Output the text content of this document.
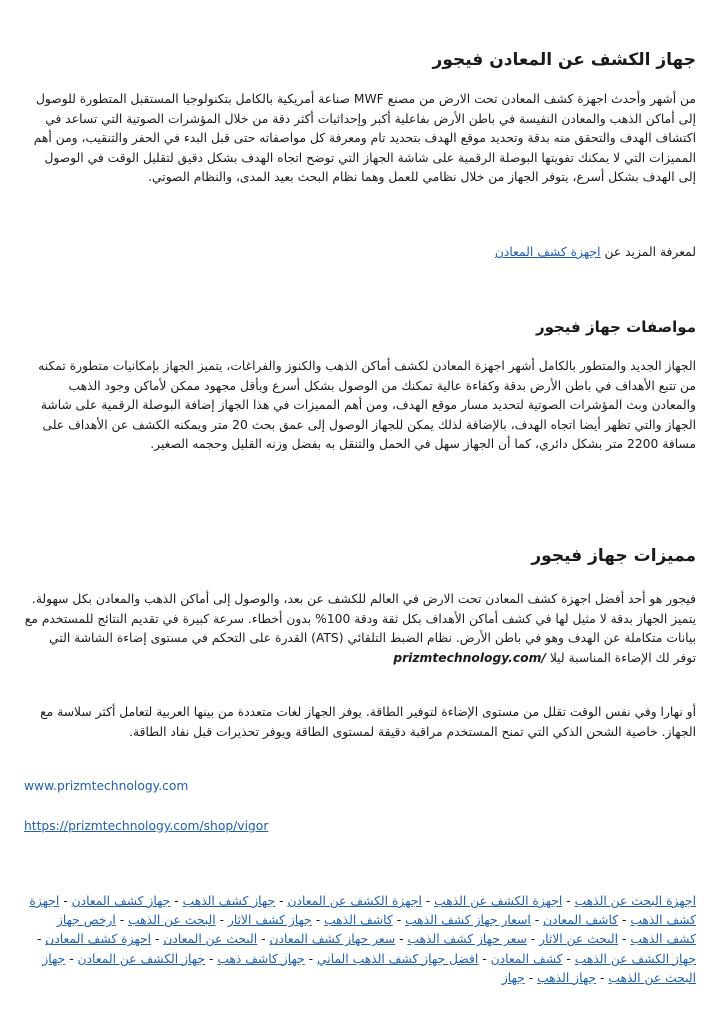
جهاز الكشف عن المعادن فيجور

من أشهر وأحدث اجهزة كشف المعادن تحت الارض من مصنع MWF صناعة أمريكية بالكامل بتكنولوجيا المستقبل المتطورة للوصول إلى أماكن الذهب والمعادن النفيسة في باطن الأرض بفاعلية أكبر وإحداثيات أكثر دقة من خلال المؤشرات الصوتية التي تساعد في اكتشاف الهدف والتحقق منه بدقة وتحديد موقع الهدف بتحديد تام ومعرفة كل مواصفاته حتى قبل البدء في الحفر والتنقيب، ومن أهم المميزات التي لا يمكنك تفويتها البوصلة الرقمية على شاشة الجهاز التي توضح اتجاه الهدف بشكل دقيق لتقليل الوقت في الوصول إلى الهدف بشكل أسرع، يتوفر الجهاز من خلال نظامي للعمل وهما نظام البحث بعيد المدى، والنظام الصوتي.

لمعرفة المزيد عن اجهزة كشف المعادن

مواصفات جهاز فيجور

الجهاز الجديد والمتطور بالكامل أشهر اجهزة المعادن لكشف أماكن الذهب والكنوز والفراغات، يتميز الجهاز بإمكانيات متطورة تمكنه من تتبع الأهداف في باطن الأرض بدقة وكفاءة عالية تمكنك من الوصول بشكل أسرع وبأقل مجهود ممكن لأماكن وجود الذهب والمعادن وبث المؤشرات الصوتية لتحديد مسار موقع الهدف، ومن أهم المميزات في هذا الجهاز إضافة البوصلة الرقمية على شاشة الجهاز والتي تظهر أيضا اتجاه الهدف، بالإضافة لذلك يمكن للجهاز الوصول إلى عمق بحث 20 متر ويمكنه الكشف عن الأهداف على مسافة 2200 متر بشكل دائري، كما أن الجهاز سهل في الحمل والتنقل به بفضل وزنه القليل وحجمه الصغير.

مميزات جهاز فيجور

فيجور هو أحد أفضل اجهزة كشف المعادن تحت الارض في العالم للكشف عن بعد، والوصول إلى أماكن الذهب والمعادن بكل سهولة. يتميز الجهاز بدقة لا مثيل لها في كشف أماكن الأهداف بكل ثقة ودقة 100% بدون أخطاء. سرعة كبيرة في تقديم النتائج للمستخدم مع بيانات متكاملة عن الهدف وهو في باطن الأرض. نظام الضبط التلقائي (ATS) القدرة على التحكم في مستوى إضاءة الشاشة التي توفر لك الإضاءة المناسبة ليلا prizmtechnology.com/

أو نهارا وفي نفس الوقت تقلل من مستوى الإضاءة لتوفير الطاقة. يوفر الجهاز لغات متعددة من بينها العربية لتعامل أكثر سلاسة مع الجهاز. خاصية الشحن الذكي التي تمنح المستخدم مراقبة دقيقة لمستوى الطاقة ويوفر تحذيرات قبل نفاد الطاقة.

www.prizmtechnology.com

https://prizmtechnology.com/shop/vigor

اجهزة البحث عن الذهب - اجهزة الكشف عن الذهب - اجهزة الكشف عن المعادن - جهاز كشف الذهب - جهاز كشف المعادن - اجهزة كشف الذهب - كاشف المعادن - اسعار جهاز كشف الذهب - كاشف الذهب - جهاز كشف الاثار - البحث عن الذهب - ارخص جهاز كشف الذهب - البحث عن الاثار - سعر جهاز كشف الذهب - سعر جهاز كشف المعادن - البحث عن المعادن - اجهزة كشف المعادن - جهاز الكشف عن الذهب - كشف المعادن - افضل جهاز كشف الذهب الماني - جهاز كاشف ذهب - جهاز الكشف عن المعادن - جهاز البحث عن الذهب - جهاز الذهب - جهاز
